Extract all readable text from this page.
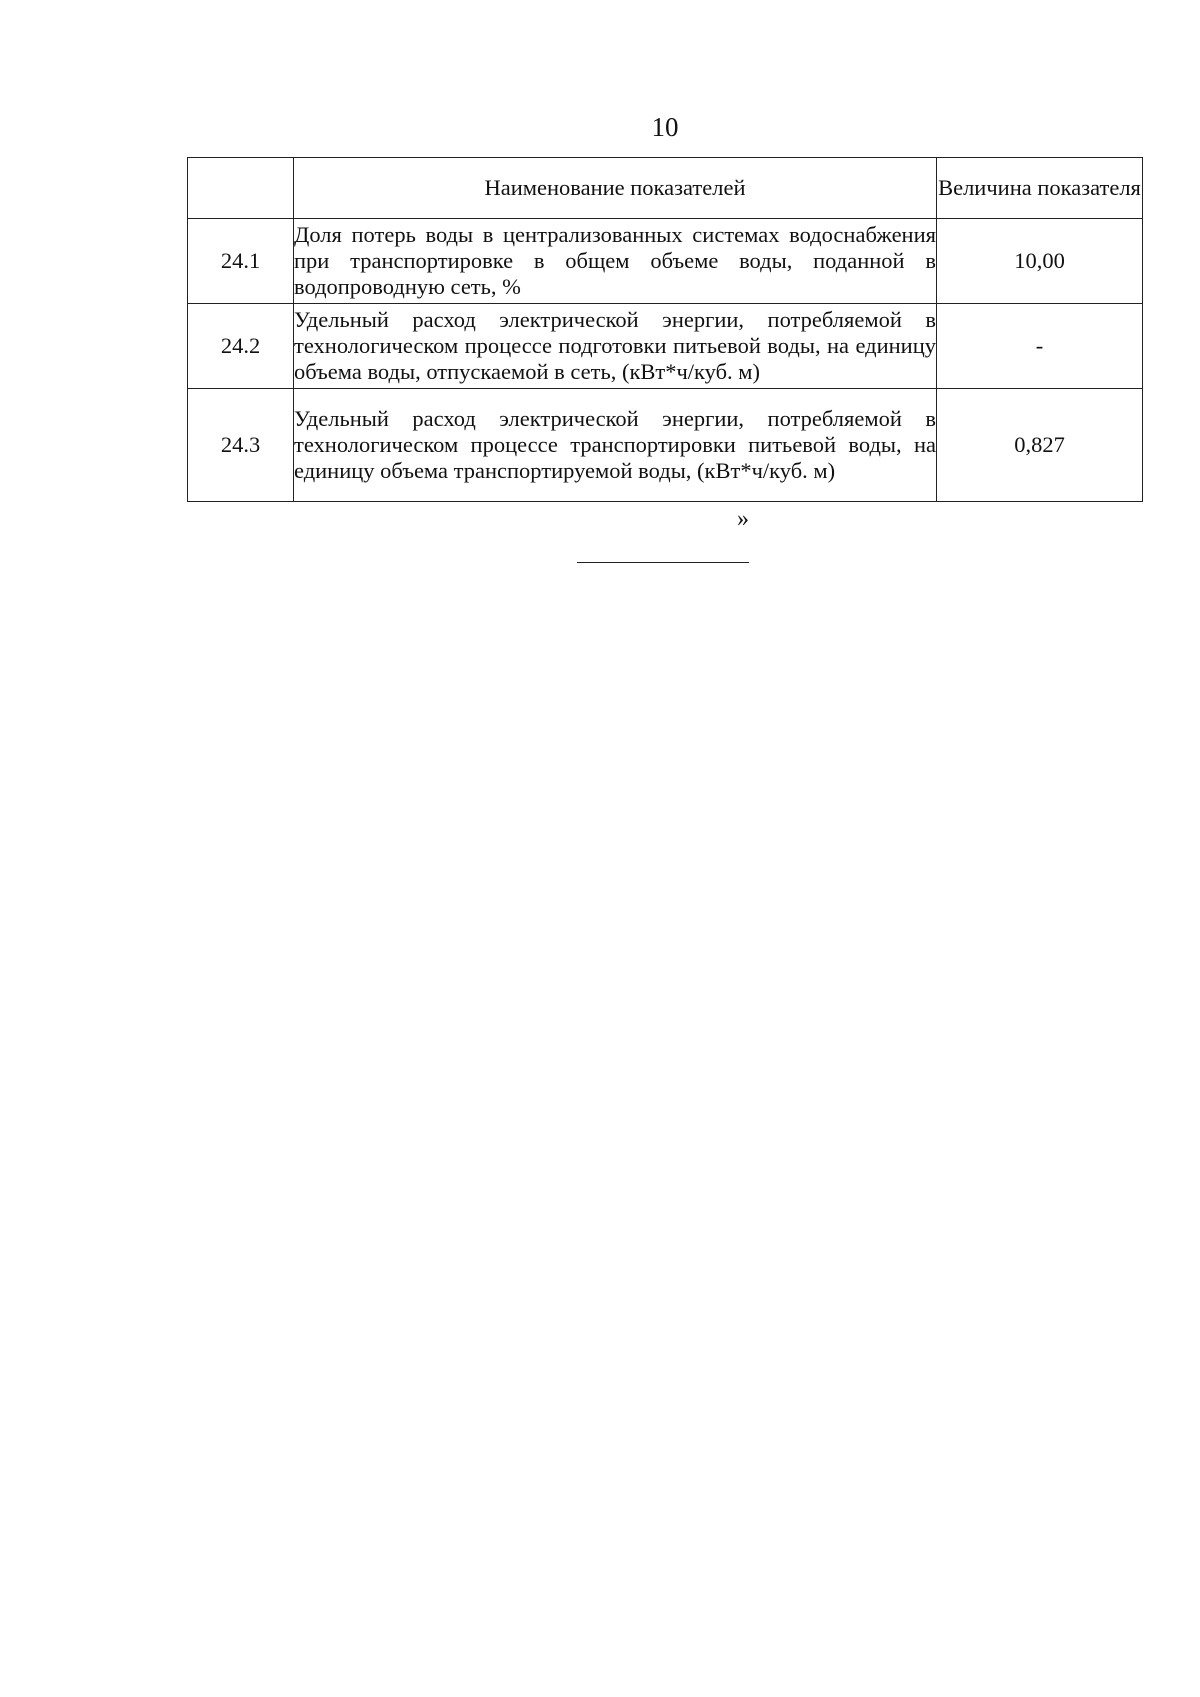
10
	Наименование показателей	Величина показателя
24.1	Доля потерь воды в централизованных системах водоснабжения при транспортировке в общем объеме воды, поданной в водопроводную сеть, %	10,00
24.2	Удельный расход электрической энергии, потребляемой в технологическом процессе подготовки питьевой воды, на единицу объема воды, отпускаемой в сеть, (кВт*ч/куб. м)	-
24.3	Удельный расход электрической энергии, потребляемой в технологическом процессе транспортировки питьевой воды, на единицу объема транспортируемой воды, (кВт*ч/куб. м)	0,827
»
